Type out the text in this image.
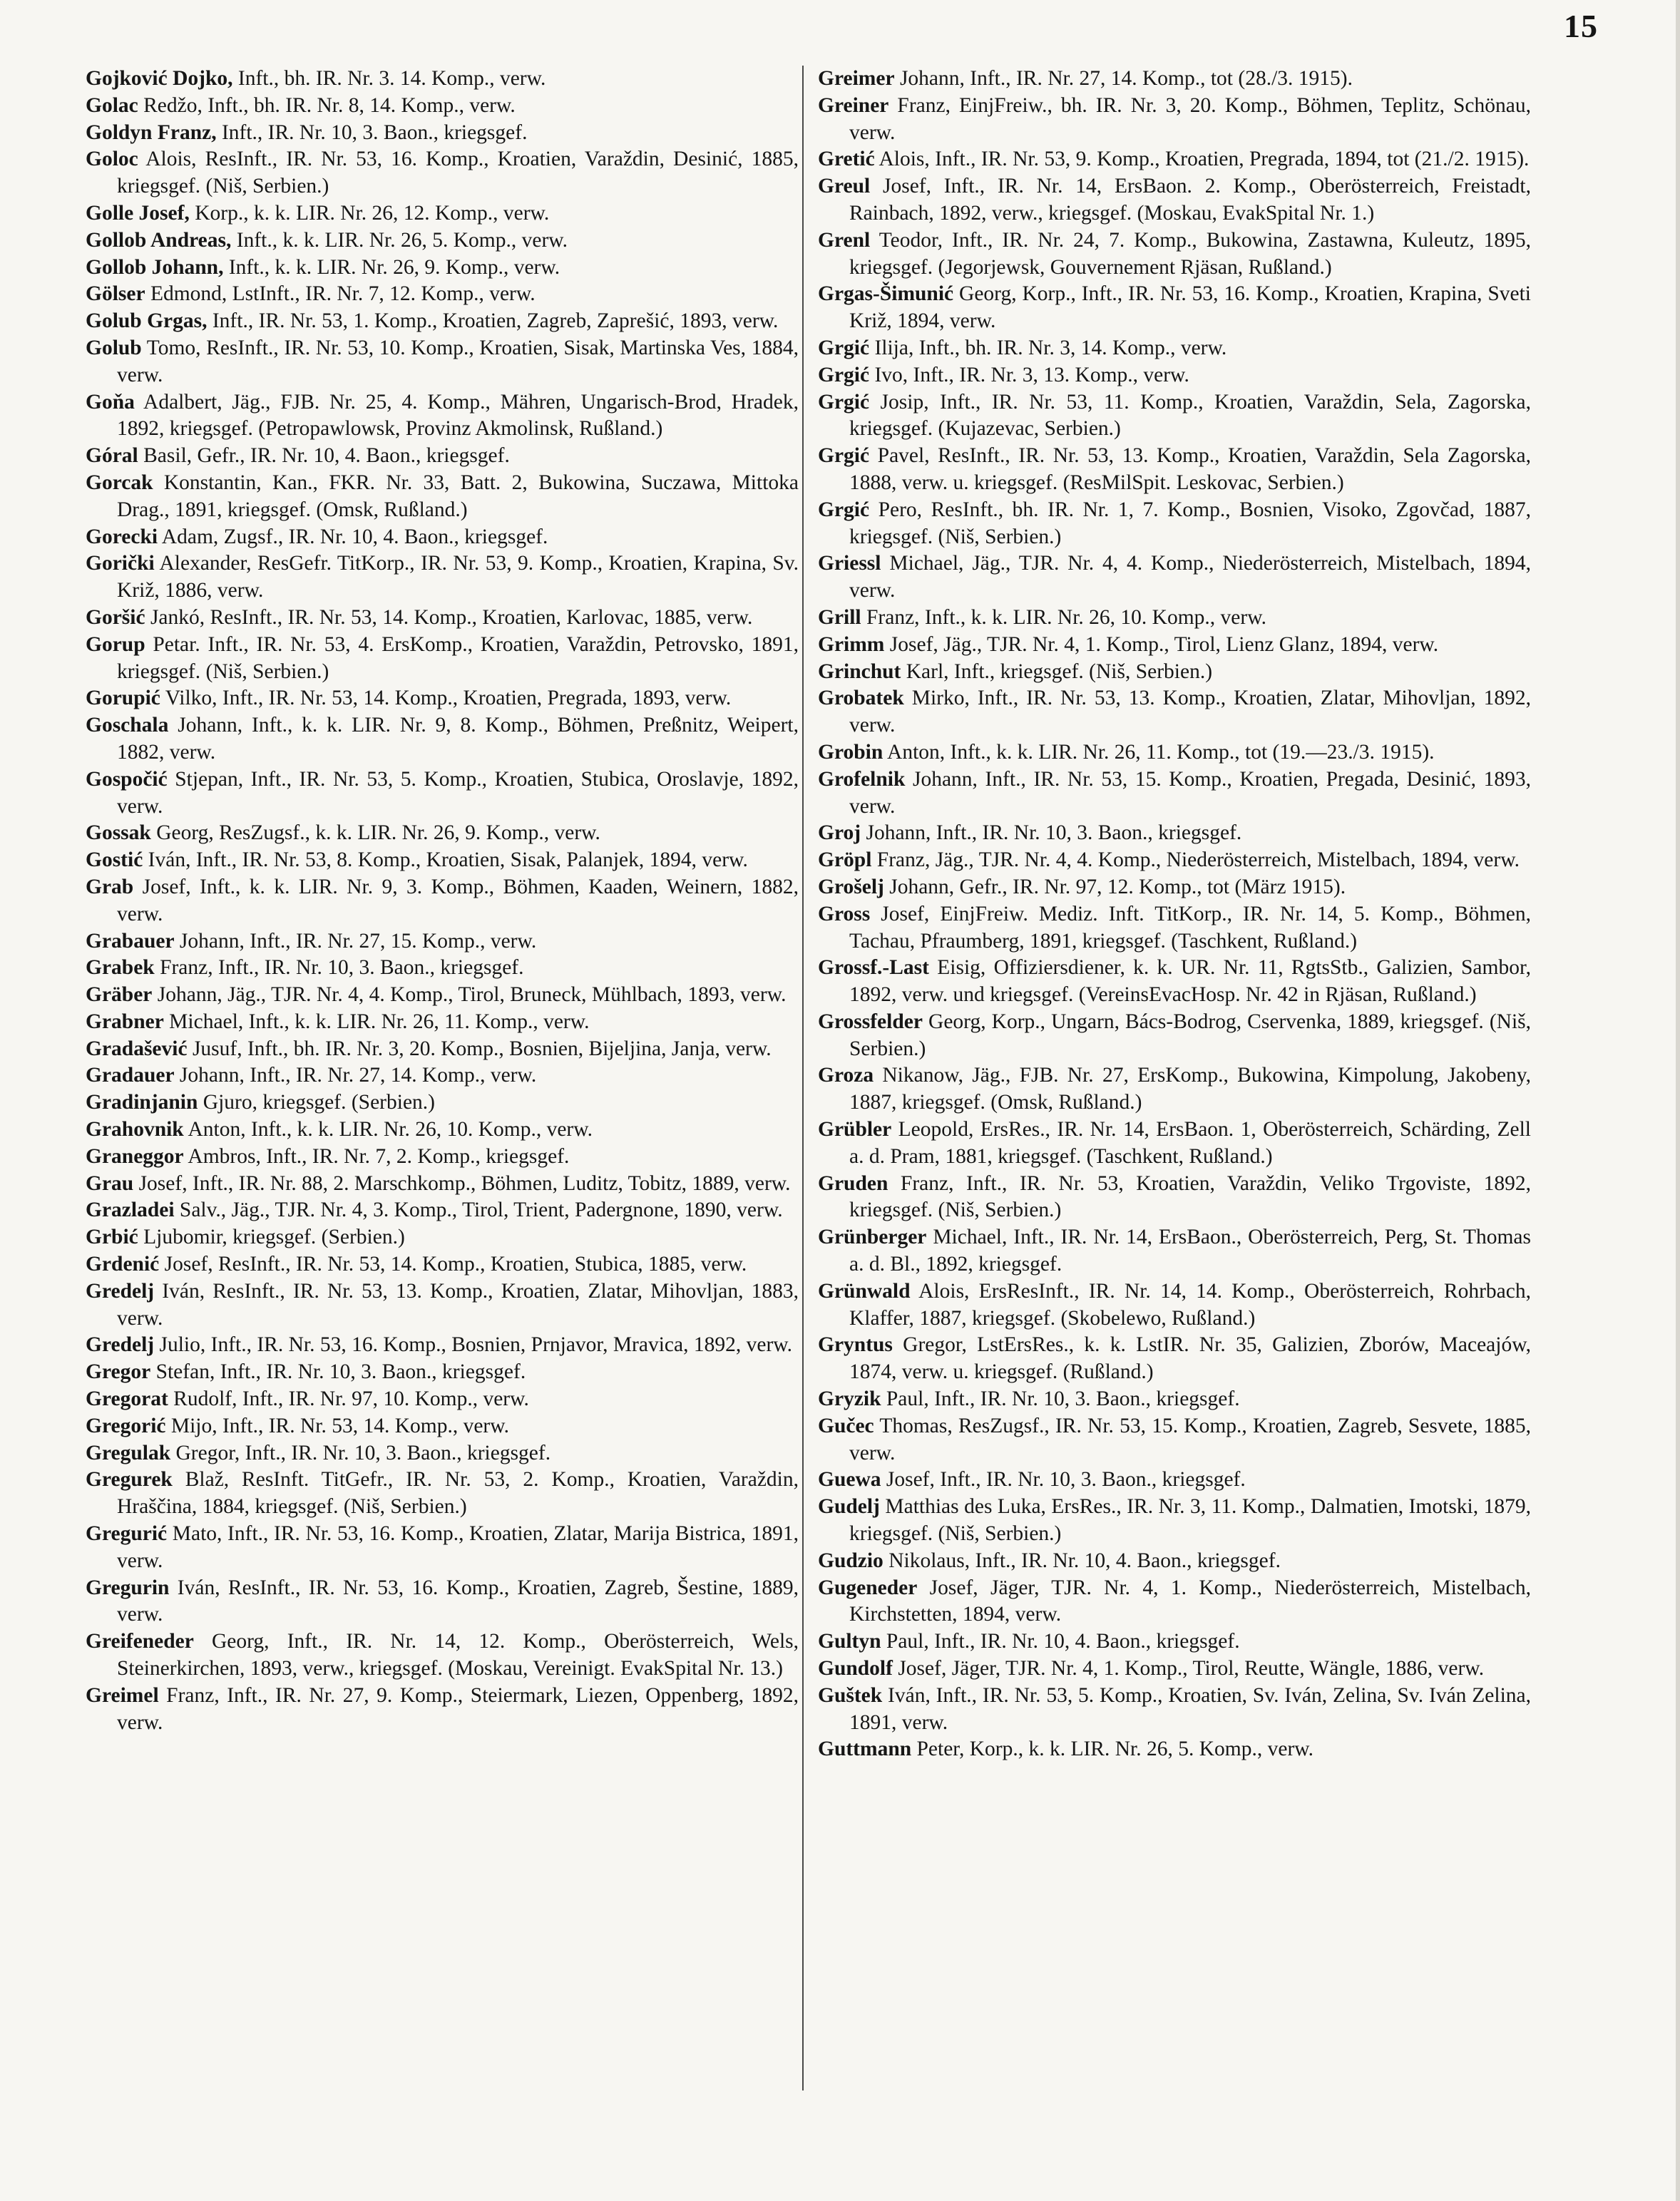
15

Gojković Dojko, Inft., bh. IR. Nr. 3. 14. Komp., verw.

Golac Redžo, Inft., bh. IR. Nr. 8, 14. Komp., verw.

Goldyn Franz, Inft., IR. Nr. 10, 3. Baon., kriegsgef.

Goloc Alois, ResInft., IR. Nr. 53, 16. Komp., Kroatien, Varaždin, Desinić, 1885, kriegsgef. (Niš, Serbien.)

Golle Josef, Korp., k. k. LIR. Nr. 26, 12. Komp., verw.

Gollob Andreas, Inft., k. k. LIR. Nr. 26, 5. Komp., verw.

Gollob Johann, Inft., k. k. LIR. Nr. 26, 9. Komp., verw.

Gölser Edmond, LstInft., IR. Nr. 7, 12. Komp., verw.

Golub Grgas, Inft., IR. Nr. 53, 1. Komp., Kroatien, Zagreb, Zaprešić, 1893, verw.

Golub Tomo, ResInft., IR. Nr. 53, 10. Komp., Kroatien, Sisak, Martinska Ves, 1884, verw.

Goňa Adalbert, Jäg., FJB. Nr. 25, 4. Komp., Mähren, Ungarisch-Brod, Hradek, 1892, kriegsgef. (Petropawlowsk, Provinz Akmolinsk, Rußland.)

Góral Basil, Gefr., IR. Nr. 10, 4. Baon., kriegsgef.

Gorcak Konstantin, Kan., FKR. Nr. 33, Batt. 2, Bukowina, Suczawa, Mittoka Drag., 1891, kriegsgef. (Omsk, Rußland.)

Gorecki Adam, Zugsf., IR. Nr. 10, 4. Baon., kriegsgef.

Gorički Alexander, ResGefr. TitKorp., IR. Nr. 53, 9. Komp., Kroatien, Krapina, Sv. Križ, 1886, verw.

Goršić Jankó, ResInft., IR. Nr. 53, 14. Komp., Kroatien, Karlovac, 1885, verw.

Gorup Petar. Inft., IR. Nr. 53, 4. ErsKomp., Kroatien, Varaždin, Petrovsko, 1891, kriegsgef. (Niš, Serbien.)

Gorupić Vilko, Inft., IR. Nr. 53, 14. Komp., Kroatien, Pregrada, 1893, verw.

Goschala Johann, Inft., k. k. LIR. Nr. 9, 8. Komp., Böhmen, Preßnitz, Weipert, 1882, verw.

Gospočić Stjepan, Inft., IR. Nr. 53, 5. Komp., Kroatien, Stubica, Oroslavje, 1892, verw.

Gossak Georg, ResZugsf., k. k. LIR. Nr. 26, 9. Komp., verw.

Gostić Iván, Inft., IR. Nr. 53, 8. Komp., Kroatien, Sisak, Palanjek, 1894, verw.

Grab Josef, Inft., k. k. LIR. Nr. 9, 3. Komp., Böhmen, Kaaden, Weinern, 1882, verw.

Grabauer Johann, Inft., IR. Nr. 27, 15. Komp., verw.

Grabek Franz, Inft., IR. Nr. 10, 3. Baon., kriegsgef.

Gräber Johann, Jäg., TJR. Nr. 4, 4. Komp., Tirol, Bruneck, Mühlbach, 1893, verw.

Grabner Michael, Inft., k. k. LIR. Nr. 26, 11. Komp., verw.

Gradašević Jusuf, Inft., bh. IR. Nr. 3, 20. Komp., Bosnien, Bijeljina, Janja, verw.

Gradauer Johann, Inft., IR. Nr. 27, 14. Komp., verw.

Gradinjanin Gjuro, kriegsgef. (Serbien.)

Grahovnik Anton, Inft., k. k. LIR. Nr. 26, 10. Komp., verw.

Graneggor Ambros, Inft., IR. Nr. 7, 2. Komp., kriegsgef.

Grau Josef, Inft., IR. Nr. 88, 2. Marschkomp., Böhmen, Luditz, Tobitz, 1889, verw.

Grazladei Salv., Jäg., TJR. Nr. 4, 3. Komp., Tirol, Trient, Padergnone, 1890, verw.

Grbić Ljubomir, kriegsgef. (Serbien.)

Grdenić Josef, ResInft., IR. Nr. 53, 14. Komp., Kroatien, Stubica, 1885, verw.

Gredelj Iván, ResInft., IR. Nr. 53, 13. Komp., Kroatien, Zlatar, Mihovljan, 1883, verw.

Gredelj Julio, Inft., IR. Nr. 53, 16. Komp., Bosnien, Prnjavor, Mravica, 1892, verw.

Gregor Stefan, Inft., IR. Nr. 10, 3. Baon., kriegsgef.

Gregorat Rudolf, Inft., IR. Nr. 97, 10. Komp., verw.

Gregorić Mijo, Inft., IR. Nr. 53, 14. Komp., verw.

Gregulak Gregor, Inft., IR. Nr. 10, 3. Baon., kriegsgef.

Gregurek Blaž, ResInft. TitGefr., IR. Nr. 53, 2. Komp., Kroatien, Varaždin, Hraščina, 1884, kriegsgef. (Niš, Serbien.)

Gregurić Mato, Inft., IR. Nr. 53, 16. Komp., Kroatien, Zlatar, Marija Bistrica, 1891, verw.

Gregurin Iván, ResInft., IR. Nr. 53, 16. Komp., Kroatien, Zagreb, Šestine, 1889, verw.

Greifeneder Georg, Inft., IR. Nr. 14, 12. Komp., Oberösterreich, Wels, Steinerkirchen, 1893, verw., kriegsgef. (Moskau, Vereinigt. EvakSpital Nr. 13.)

Greimel Franz, Inft., IR. Nr. 27, 9. Komp., Steiermark, Liezen, Oppenberg, 1892, verw.

Greimer Johann, Inft., IR. Nr. 27, 14. Komp., tot (28./3. 1915).

Greiner Franz, EinjFreiw., bh. IR. Nr. 3, 20. Komp., Böhmen, Teplitz, Schönau, verw.

Gretić Alois, Inft., IR. Nr. 53, 9. Komp., Kroatien, Pregrada, 1894, tot (21./2. 1915).

Greul Josef, Inft., IR. Nr. 14, ErsBaon. 2. Komp., Oberösterreich, Freistadt, Rainbach, 1892, verw., kriegsgef. (Moskau, EvakSpital Nr. 1.)

Grenl Teodor, Inft., IR. Nr. 24, 7. Komp., Bukowina, Zastawna, Kuleutz, 1895, kriegsgef. (Jegorjewsk, Gouvernement Rjäsan, Rußland.)

Grgas-Šimunić Georg, Korp., Inft., IR. Nr. 53, 16. Komp., Kroatien, Krapina, Sveti Križ, 1894, verw.

Grgić Ilija, Inft., bh. IR. Nr. 3, 14. Komp., verw.

Grgić Ivo, Inft., IR. Nr. 3, 13. Komp., verw.

Grgić Josip, Inft., IR. Nr. 53, 11. Komp., Kroatien, Varaždin, Sela, Zagorska, kriegsgef. (Kujazevac, Serbien.)

Grgić Pavel, ResInft., IR. Nr. 53, 13. Komp., Kroatien, Varaždin, Sela Zagorska, 1888, verw. u. kriegsgef. (ResMilSpit. Leskovac, Serbien.)

Grgić Pero, ResInft., bh. IR. Nr. 1, 7. Komp., Bosnien, Visoko, Zgovčad, 1887, kriegsgef. (Niš, Serbien.)

Griessl Michael, Jäg., TJR. Nr. 4, 4. Komp., Niederösterreich, Mistelbach, 1894, verw.

Grill Franz, Inft., k. k. LIR. Nr. 26, 10. Komp., verw.

Grimm Josef, Jäg., TJR. Nr. 4, 1. Komp., Tirol, Lienz Glanz, 1894, verw.

Grinchut Karl, Inft., kriegsgef. (Niš, Serbien.)

Grobatek Mirko, Inft., IR. Nr. 53, 13. Komp., Kroatien, Zlatar, Mihovljan, 1892, verw.

Grobin Anton, Inft., k. k. LIR. Nr. 26, 11. Komp., tot (19.—23./3. 1915).

Grofelnik Johann, Inft., IR. Nr. 53, 15. Komp., Kroatien, Pregada, Desinić, 1893, verw.

Groj Johann, Inft., IR. Nr. 10, 3. Baon., kriegsgef.

Gröpl Franz, Jäg., TJR. Nr. 4, 4. Komp., Niederösterreich, Mistelbach, 1894, verw.

Grošelj Johann, Gefr., IR. Nr. 97, 12. Komp., tot (März 1915).

Gross Josef, EinjFreiw. Mediz. Inft. TitKorp., IR. Nr. 14, 5. Komp., Böhmen, Tachau, Pfraumberg, 1891, kriegsgef. (Taschkent, Rußland.)

Grossf.-Last Eisig, Offiziersdiener, k. k. UR. Nr. 11, RgtsStb., Galizien, Sambor, 1892, verw. und kriegsgef. (VereinsEvacHosp. Nr. 42 in Rjäsan, Rußland.)

Grossfelder Georg, Korp., Ungarn, Bács-Bodrog, Cservenka, 1889, kriegsgef. (Niš, Serbien.)

Groza Nikanow, Jäg., FJB. Nr. 27, ErsKomp., Bukowina, Kimpolung, Jakobeny, 1887, kriegsgef. (Omsk, Rußland.)

Grübler Leopold, ErsRes., IR. Nr. 14, ErsBaon. 1, Oberösterreich, Schärding, Zell a. d. Pram, 1881, kriegsgef. (Taschkent, Rußland.)

Gruden Franz, Inft., IR. Nr. 53, Kroatien, Varaždin, Veliko Trgoviste, 1892, kriegsgef. (Niš, Serbien.)

Grünberger Michael, Inft., IR. Nr. 14, ErsBaon., Oberösterreich, Perg, St. Thomas a. d. Bl., 1892, kriegsgef.

Grünwald Alois, ErsResInft., IR. Nr. 14, 14. Komp., Oberösterreich, Rohrbach, Klaffer, 1887, kriegsgef. (Skobelewo, Rußland.)

Gryntus Gregor, LstErsRes., k. k. LstIR. Nr. 35, Galizien, Zborów, Maceajów, 1874, verw. u. kriegsgef. (Rußland.)

Gryzik Paul, Inft., IR. Nr. 10, 3. Baon., kriegsgef.

Gučec Thomas, ResZugsf., IR. Nr. 53, 15. Komp., Kroatien, Zagreb, Sesvete, 1885, verw.

Guewa Josef, Inft., IR. Nr. 10, 3. Baon., kriegsgef.

Gudelj Matthias des Luka, ErsRes., IR. Nr. 3, 11. Komp., Dalmatien, Imotski, 1879, kriegsgef. (Niš, Serbien.)

Gudzio Nikolaus, Inft., IR. Nr. 10, 4. Baon., kriegsgef.

Gugeneder Josef, Jäger, TJR. Nr. 4, 1. Komp., Niederösterreich, Mistelbach, Kirchstetten, 1894, verw.

Gultyn Paul, Inft., IR. Nr. 10, 4. Baon., kriegsgef.

Gundolf Josef, Jäger, TJR. Nr. 4, 1. Komp., Tirol, Reutte, Wängle, 1886, verw.

Guštek Iván, Inft., IR. Nr. 53, 5. Komp., Kroatien, Sv. Iván, Zelina, Sv. Iván Zelina, 1891, verw.

Guttmann Peter, Korp., k. k. LIR. Nr. 26, 5. Komp., verw.
